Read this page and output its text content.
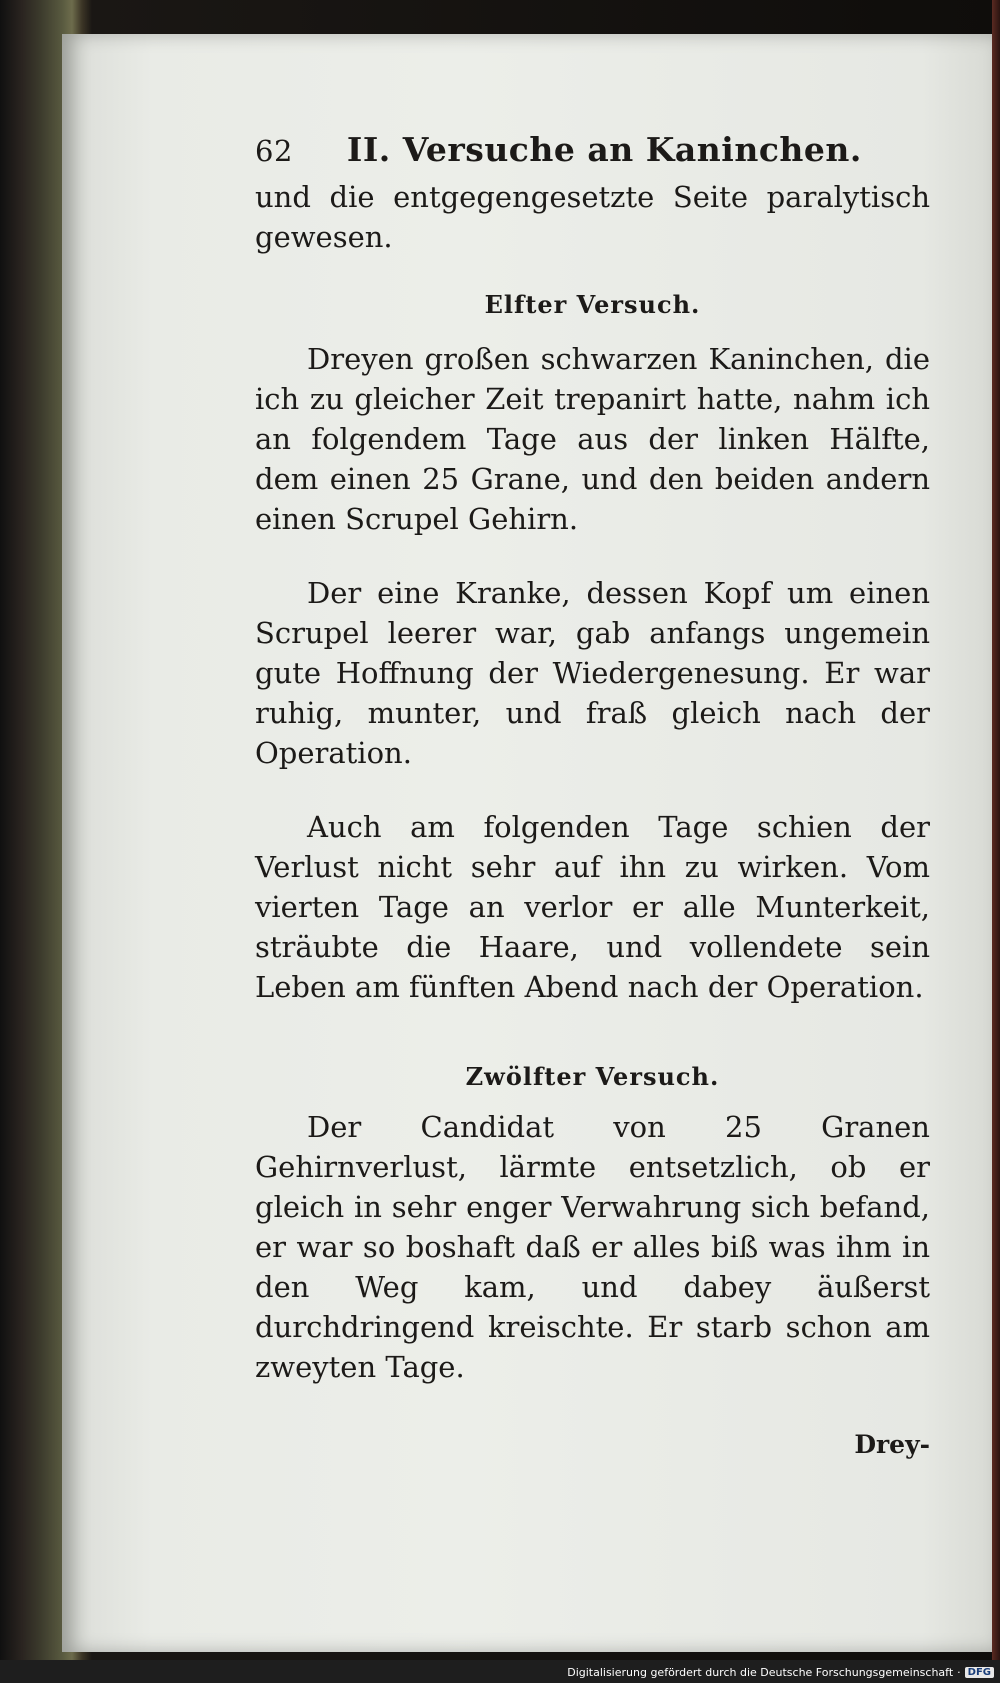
62 II. Versuche an Kaninchen.

und die entgegengesetzte Seite paralytisch gewesen.

Elfter Versuch.

Dreyen großen schwarzen Kaninchen, die ich zu gleicher Zeit trepanirt hatte, nahm ich an folgendem Tage aus der linken Hälfte, dem einen 25 Grane, und den beiden andern einen Scrupel Gehirn.

Der eine Kranke, dessen Kopf um einen Scrupel leerer war, gab anfangs ungemein gute Hoffnung der Wiedergenesung. Er war ruhig, munter, und fraß gleich nach der Operation.

Auch am folgenden Tage schien der Verlust nicht sehr auf ihn zu wirken. Vom vierten Tage an verlor er alle Munterkeit, sträubte die Haare, und vollendete sein Leben am fünften Abend nach der Operation.

Zwölfter Versuch.

Der Candidat von 25 Granen Gehirnverlust, lärmte entsetzlich, ob er gleich in sehr enger Verwahrung sich befand, er war so boshaft daß er alles biß was ihm in den Weg kam, und dabey äußerst durchdringend kreischte. Er starb schon am zweyten Tage.

Drey-
Digitalisierung gefördert durch die Deutsche Forschungsgemeinschaft · DFG
